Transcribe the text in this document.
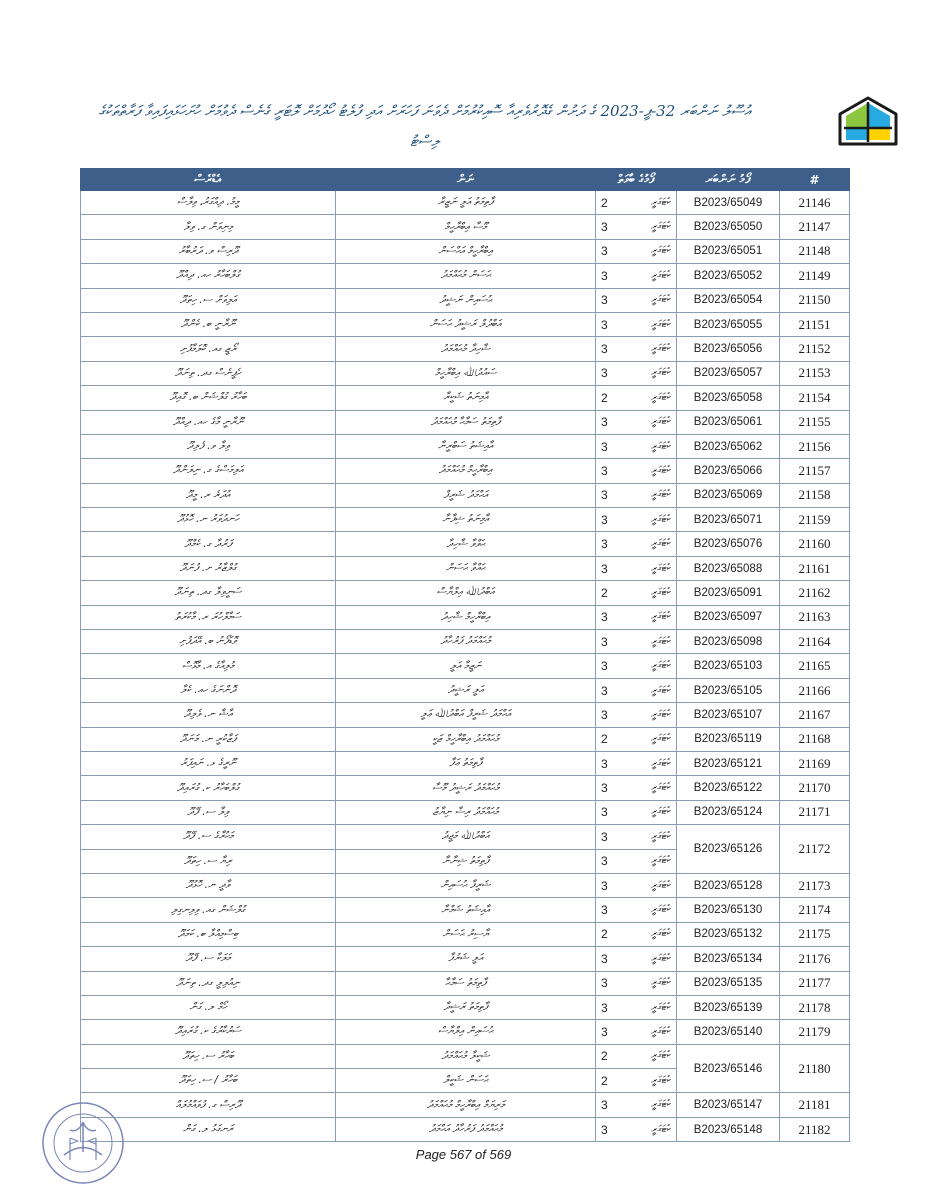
އުސޫލު ނަންބަރ 32-ޕީ-2023 ގެ ދަށުން ގެދޮރުވެރިއާ ސޮއިކުރުމަށް ދެވަނަ ފަހަރަށް އަދި ފުލެޓު ހޯދުމަށް ލޮޓަރީ ގެނެސް ދެވުމަށް ހުށަހަޅައިފައިވާ ފަރާތްތަކުގެ ލިސްޓު
#	ފޯމު ނަންބަރ	ފޯމުގެ ބާވަތް	ނަން	އެޑްރެސް
21146	B2023/65049	2 ކެޓަގަރީ	ފާތިމަތު އަލީ ނަޒީރާ	މީމު. ދިއްގަރު، ވިލާސް
21147	B2023/65050	3 ކެޓަގަރީ	މޫސާ އިބްރާހީމް	މިނިވަން ގ. ވިލާ
21148	B2023/65051	3 ކެޓަގަރީ	އިބްރާހީމް އަޙްސަން	ދޫރިސް ވ. ދަރުބާރު
21149	B2023/65052	3 ކެޓަގަރީ	ޙަސަން މުޙައްމަދު	ގުލްބަހާރު ހއ. ދިއްދޫ
21150	B2023/65054	3 ކެޓަގަރީ	ޙުސައިން ނަޝީދު	އަލިވަށް ސ. ހިތަދޫ
21151	B2023/65055	3 ކެޓަގަރީ	އަބްދުލް ރަޝީދު ޙަސަން	ނޫރާނީ ބ. ކެންދޫ
21152	B2023/65056	3 ކެޓަގަރީ	ޝާހިދާ މުޙައްމަދު	ރޯޒީ ގއ. ކޮލަމާފުށި
21153	B2023/65057	3 ކެޓަގަރީ	ސައުދުﷲ އިބްރާހީމް	ހެޕީނެސް ގދ. ތިނަދޫ
21154	B2023/65058	2 ކެޓަގަރީ	އާމިނަތު ޝަކީރާ	ބަހާރު ގުލްޝަން ބ. ގޮއިދޫ
21155	B2023/65061	3 ކެޓަގަރީ	ފާތިމަތު ސަމާޙާ މުޙައްމަދު	ނޫރާނީ މާގެ ހއ. ދިއްދޫ
21156	B2023/65062	3 ކެޓަގަރީ	އާއިޝަތު ސަބްރީނާ	ވިލާ ވ. ފެލިދޫ
21157	B2023/65066	3 ކެޓަގަރީ	އިބްރާހީމް މުޙައްމަދު	އަލިމަސްގެ ގ. ނިލަންދޫ
21158	B2023/65069	3 ކެޓަގަރީ	އަޙްމަދު ޝަރީފް	އުދަރެ ރ. މީދޫ
21159	B2023/65071	3 ކެޓަގަރީ	އާމިނަތު ޝިފާނާ	ހަނދުވަރު ނ. ހޮޅުދޫ
21160	B2023/65076	3 ކެޓަގަރީ	ޙަވްވާ ޝާހިދާ	ފަރުދާ ގ. ކެމްދޫ
21161	B2023/65088	3 ކެޓަގަރީ	ޙައްވާ ޙަސަން	ގުލްޒާރު ށ. ފުނަދޫ
21162	B2023/65091	2 ކެޓަގަރީ	އަބްދުﷲ އިލްޔާސް	ސަނީވިލާ ގދ. ތިނަދޫ
21163	B2023/65097	3 ކެޓަގަރީ	އިބްރާހީމް ޝާހިދު	ސަމާލްހުރަ ރ. މާކުރަތު
21164	B2023/65098	3 ކެޓަގަރީ	މުޙައްމަދު ފަރުހާދު	ވޮޑަފޯނު ބ. އޭދަފުށި
21165	B2023/65103	3 ކެޓަގަރީ	ނަޒީމާ އަލީ	މުލިއާގެ އ. މާޅޮސް
21166	B2023/65105	3 ކެޓަގަރީ	އަލީ ރަޝީދު	ދޮންނަގެ ހއ. ކެލާ
21167	B2023/65107	3 ކެޓަގަރީ	އަޙްމަދު ޝަރީފް އަބްދުﷲ ޢަލީ	އާޝާ ނ. ވެލިދޫ
21168	B2023/65119	2 ކެޓަގަރީ	މުޙައްމަދު އިބްރާހީމް ޒަކީ	ފަޒާކުރީ ނ. މަނަދޫ
21169	B2023/65121	3 ކެޓަގަރީ	ފާތިމަތު ޢަފާ	ނޫރީގެ ޅ. ނައިފަރު
21170	B2023/65122	3 ކެޓަގަރީ	މުޙައްމަދު ރަޝީދު މޫސާ	ގުލްބަހާރު ކ. ގުރައިދޫ
21171	B2023/65124	3 ކެޓަގަރީ	މުޙައްމަދު ރިޟާ ނިޔާޒު	ވިލާ ސ. ފޭދޫ
21172	B2023/65126	3 ކެޓަގަރީ	އަބްދުﷲ މަޖީދު	މަހުރާގެ ސ. ފޭދޫ

		3 ކެޓަގަރީ	ފާތިމަތު ޝިނާނާ	ރިޔާ ސ. ހިތަދޫ
21173	B2023/65128	3 ކެޓަގަރީ	ޝަރީފާ ޙުސައިން	ވާދީ ނ. ހޮޅުދޫ
21174	B2023/65130	3 ކެޓަގަރީ	އާއިޝަތު ޝަމްނާ	ގުލްޝަން ގއ. ވިލިނގިލި
21175	B2023/65132	2 ކެޓަގަރީ	ޔާސިރު ޙަސަން	ބިސްމިއްލާ ބ. ކަމަދޫ
21176	B2023/65134	3 ކެޓަގަރީ	އަލީ ޝަރުފާ	މަލަކާ ސ. ފޭދޫ
21177	B2023/65135	3 ކެޓަގަރީ	ފާތިމަތު ސަމާޙާ	ނިއުލިލީ ގދ. ތިނަދޫ
21178	B2023/65139	3 ކެޓަގަރީ	ފާތިމަތު ރަޝީދާ	ހޯމް ލ. ގަން
21179	B2023/65140	3 ކެޓަގަރީ	ޙުސައިން އިލްޔާސް	ސަރުކާރުގެ ކ. ގުރައިދޫ
21180	B2023/65146	2 ކެޓަގަރީ	ޝަކީލާ މުޙައްމަދު	ބަހާރު ސ. ހިތަދޫ

		2 ކެޓަގަރީ	ޙަސަން ޝަކީލް	ބަހާރު / ސ. ހިތަދޫ
21181	B2023/65147	3 ކެޓަގަރީ	މަރިޔަމް އިބްރާހީމް މުޙައްމަދު	ދޫރިސް ގ. ފުވައްމުލައް
21182	B2023/65148	3 ކެޓަގަރީ	މުޙައްމަދު ފަރުހާދު އަޙްމަދު	ރަނގަޅު ލ. ގަން
Page 567 of 569
